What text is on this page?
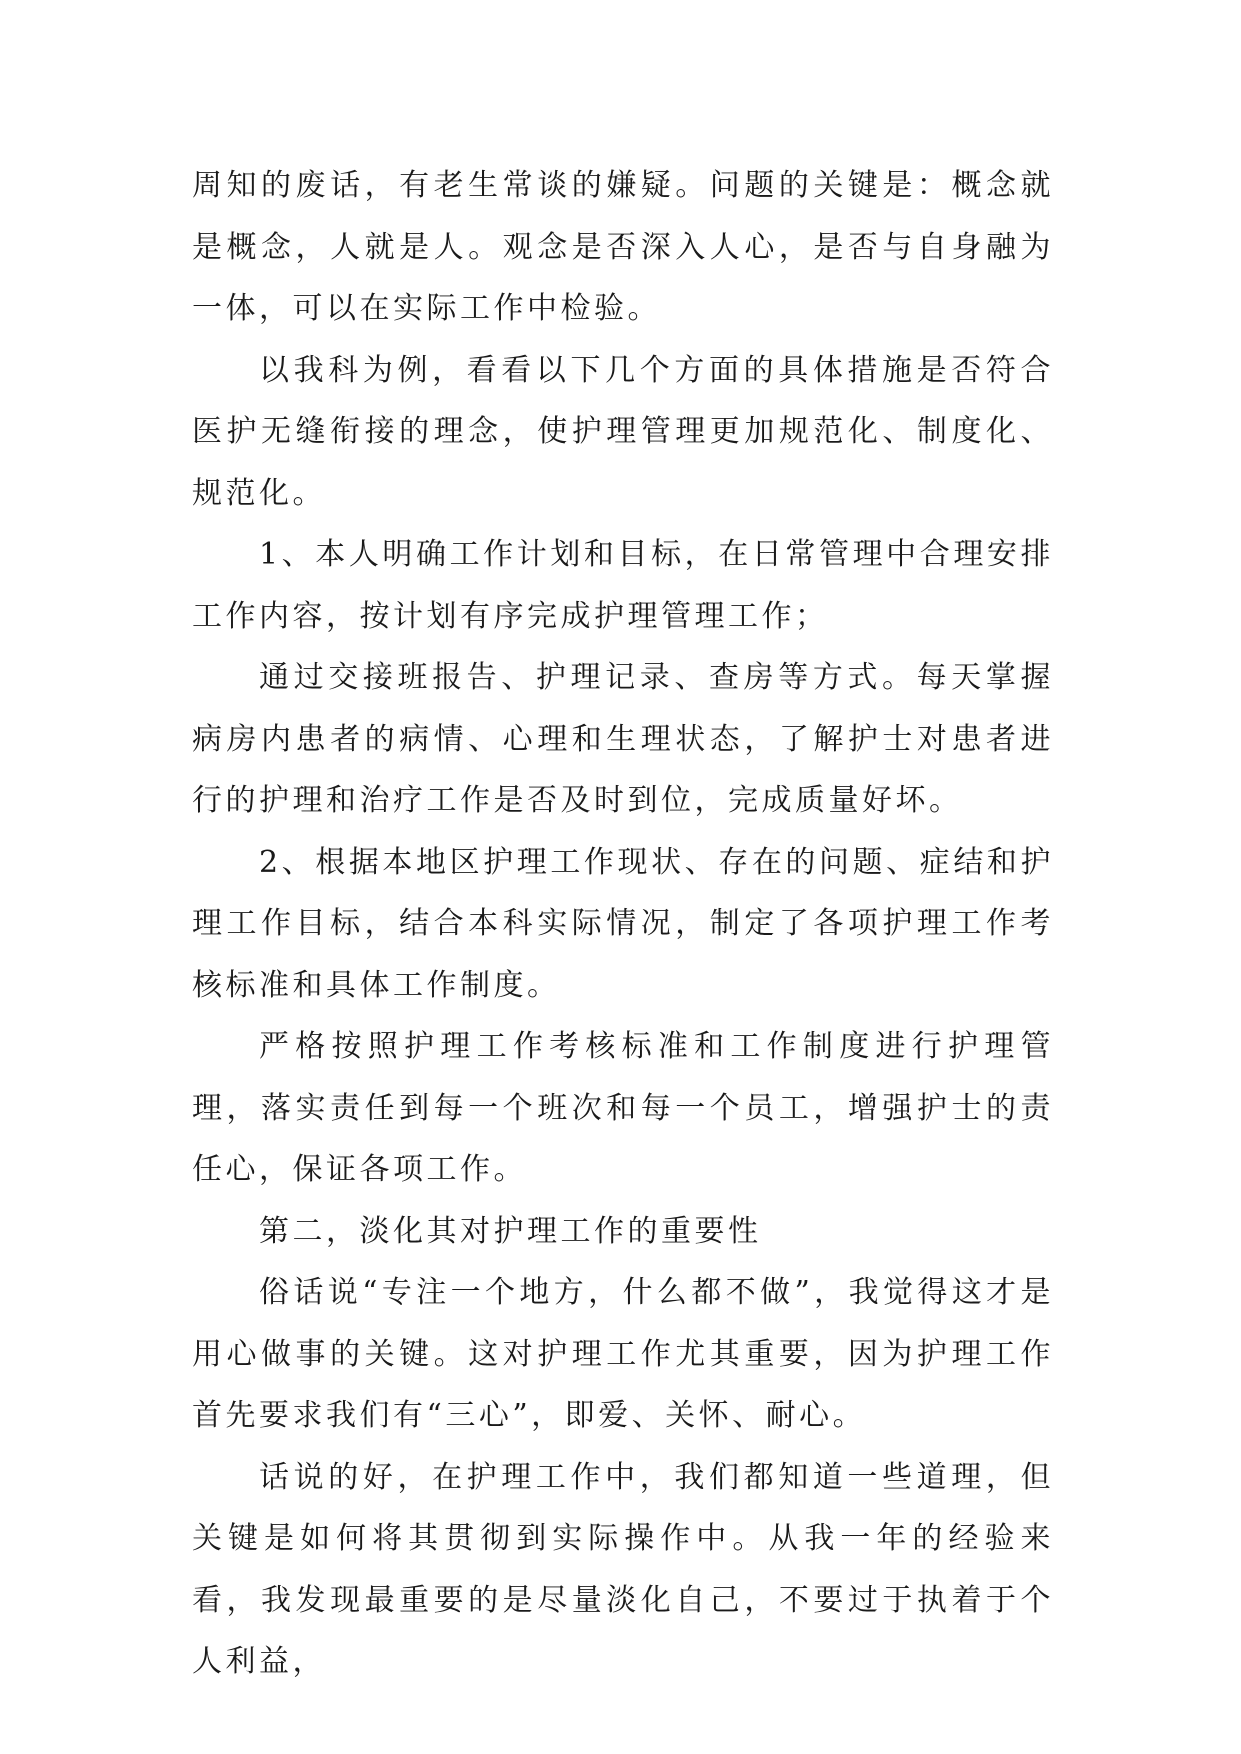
周知的废话，有老生常谈的嫌疑。问题的关键是：概念就是概念，人就是人。观念是否深入人心，是否与自身融为一体，可以在实际工作中检验。

以我科为例，看看以下几个方面的具体措施是否符合医护无缝衔接的理念，使护理管理更加规范化、制度化、规范化。

1、本人明确工作计划和目标，在日常管理中合理安排工作内容，按计划有序完成护理管理工作；

通过交接班报告、护理记录、查房等方式。每天掌握病房内患者的病情、心理和生理状态，了解护士对患者进行的护理和治疗工作是否及时到位，完成质量好坏。

2、根据本地区护理工作现状、存在的问题、症结和护理工作目标，结合本科实际情况，制定了各项护理工作考核标准和具体工作制度。

严格按照护理工作考核标准和工作制度进行护理管理，落实责任到每一个班次和每一个员工，增强护士的责任心，保证各项工作。

第二，淡化其对护理工作的重要性

俗话说“专注一个地方，什么都不做”，我觉得这才是用心做事的关键。这对护理工作尤其重要，因为护理工作首先要求我们有“三心”，即爱、关怀、耐心。

话说的好，在护理工作中，我们都知道一些道理，但关键是如何将其贯彻到实际操作中。从我一年的经验来看，我发现最重要的是尽量淡化自己，不要过于执着于个人利益，
